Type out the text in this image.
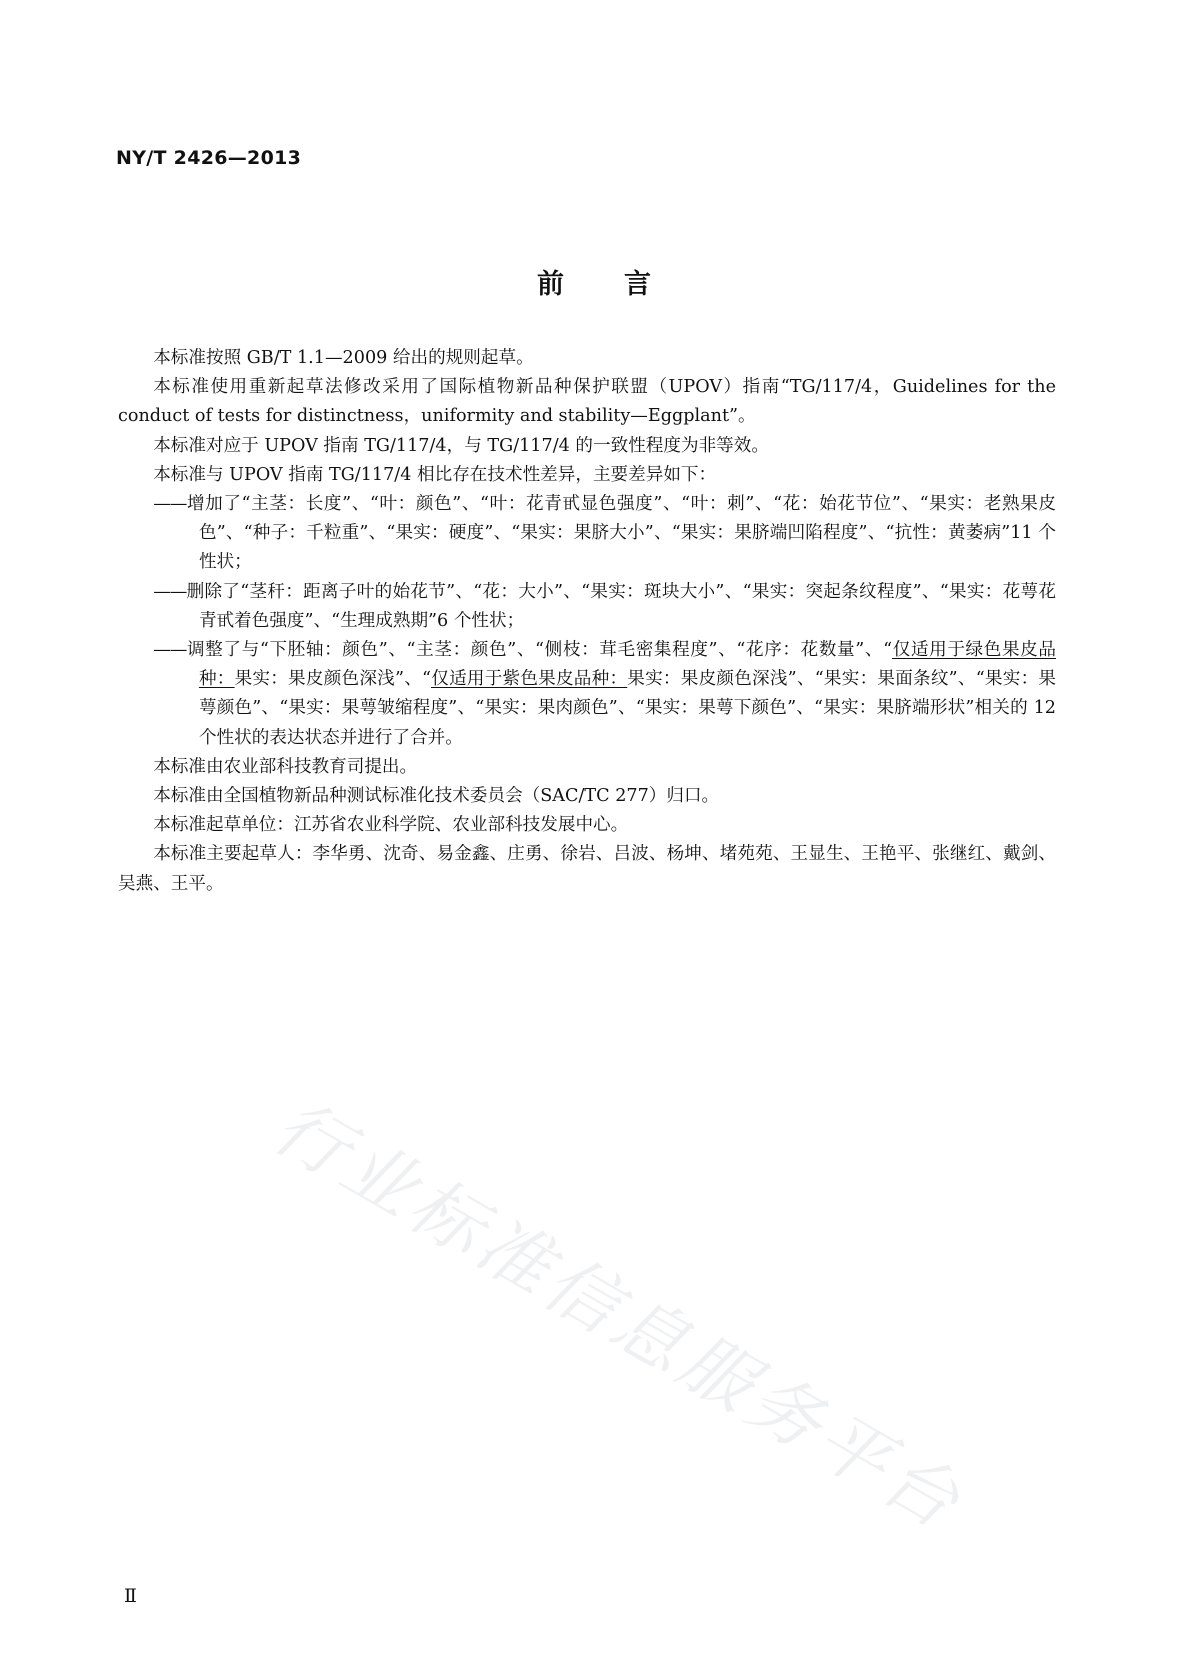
NY/T 2426—2013
前言

本标准按照 GB/T 1.1—2009 给出的规则起草。

本标准使用重新起草法修改采用了国际植物新品种保护联盟（UPOV）指南“TG/117/4，Guidelines for the conduct of tests for distinctness，uniformity and stability—Eggplant”。

本标准对应于 UPOV 指南 TG/117/4，与 TG/117/4 的一致性程度为非等效。

本标准与 UPOV 指南 TG/117/4 相比存在技术性差异，主要差异如下：

——增加了“主茎：长度”、“叶：颜色”、“叶：花青甙显色强度”、“叶：刺”、“花：始花节位”、“果实：老熟果皮色”、“种子：千粒重”、“果实：硬度”、“果实：果脐大小”、“果实：果脐端凹陷程度”、“抗性：黄萎病”11 个性状；

——删除了“茎秆：距离子叶的始花节”、“花：大小”、“果实：斑块大小”、“果实：突起条纹程度”、“果实：花萼花青甙着色强度”、“生理成熟期”6 个性状；

——调整了与“下胚轴：颜色”、“主茎：颜色”、“侧枝：茸毛密集程度”、“花序：花数量”、“仅适用于绿色果皮品种：果实：果皮颜色深浅”、“仅适用于紫色果皮品种：果实：果皮颜色深浅”、“果实：果面条纹”、“果实：果萼颜色”、“果实：果萼皱缩程度”、“果实：果肉颜色”、“果实：果萼下颜色”、“果实：果脐端形状”相关的 12 个性状的表达状态并进行了合并。

本标准由农业部科技教育司提出。

本标准由全国植物新品种测试标准化技术委员会（SAC/TC 277）归口。

本标准起草单位：江苏省农业科学院、农业部科技发展中心。

本标准主要起草人：李华勇、沈奇、易金鑫、庄勇、徐岩、吕波、杨坤、堵苑苑、王显生、王艳平、张继红、戴剑、吴燕、王平。

行业标准信息服务平台
Ⅱ
